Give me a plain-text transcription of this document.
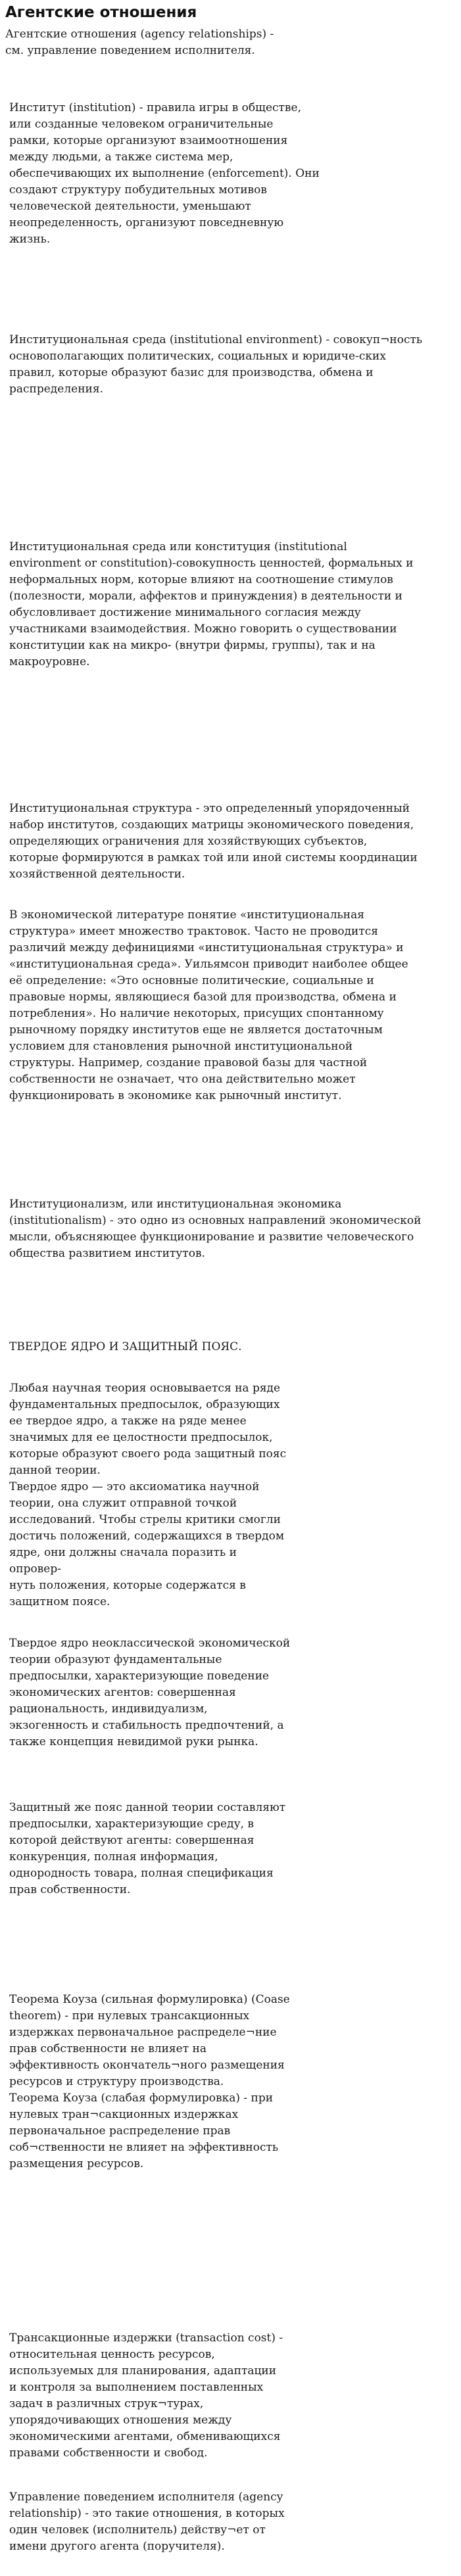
Агентские отношения

Агентские отношения (agency relationships) -
см. управление поведением исполнителя.

Институт (institution) - правила игры в обществе,
или созданные человеком ограничительные
рамки, которые организуют взаимоотношения
между людьми, а также система мер,
обеспечивающих их выполнение (enforcement). Они
создают структуру побудительных мотивов
человеческой деятельности, уменьшают
неопределенность, организуют повседневную
жизнь.

Институциональная среда (institutional environment) - совокуп¬ность
основополагающих политических, социальных и юридиче-ских
правил, которые образуют базис для производства, обмена и
распределения.

Институциональная среда или конституция (institutional
environment or constitution)-совокупность ценностей, формальных и
неформальных норм, которые влияют на соотношение стимулов
(полезности, морали, аффектов и принуждения) в деятельности и
обусловливает достижение минимального согласия между
участниками взаимодействия. Можно говорить о существовании
конституции как на микро- (внутри фирмы, группы), так и на
макроуровне.

Институциональная структура - это определенный упорядоченный
набор институтов, создающих матрицы экономического поведения,
определяющих ограничения для хозяйствующих субъектов,
которые формируются в рамках той или иной системы координации
хозяйственной деятельности.

В экономической литературе понятие «институциональная
структура» имеет множество трактовок. Часто не проводится
различий между дефинициями «институциональная структура» и
«институциональная среда». Уильямсон приводит наиболее общее
её определение: «Это основные политические, социальные и
правовые нормы, являющиеся базой для производства, обмена и
потребления». Но наличие некоторых, присущих спонтанному
рыночному порядку институтов еще не является достаточным
условием для становления рыночной институциональной
структуры. Например, создание правовой базы для частной
собственности не означает, что она действительно может
функционировать в экономике как рыночный институт.

Институционализм, или институциональная экономика
(institutionalism) - это одно из основных направлений экономической
мысли, объясняющее функционирование и развитие человеческого
общества развитием институтов.

ТВЕРДОЕ ЯДРО И ЗАЩИТНЫЙ ПОЯС.

Любая научная теория основывается на ряде
фундаментальных предпосылок, образующих
ее твердое ядро, а также на ряде менее
значимых для ее целостности предпосылок,
которые образуют своего рода защитный пояс
данной теории.
Твердое ядро — это аксиоматика научной
теории, она служит отправной точкой
исследований. Чтобы стрелы критики смогли
достичь положений, содержащихся в твердом
ядре, они должны сначала поразить и
опровер-
нуть положения, которые содержатся в
защитном поясе.

Твердое ядро неоклассической экономической
теории образуют фундаментальные
предпосылки, характеризующие поведение
экономических агентов: совершенная
рациональность, индивидуализм,
экзогенность и стабильность предпочтений, а
также концепция невидимой руки рынка.

Защитный же пояс данной теории составляют
предпосылки, характеризующие среду, в
которой действуют агенты: совершенная
конкуренция, полная информация,
однородность товара, полная спецификация
прав собственности.

Теорема Коуза (сильная формулировка) (Coase
theorem) - при нулевых трансакционных
издержках первоначальное распределе¬ние
прав собственности не влияет на
эффективность окончатель¬ного размещения
ресурсов и структуру производства.
Теорема Коуза (слабая формулировка) - при
нулевых тран¬сакционных издержках
первоначальное распределение прав
соб¬ственности не влияет на эффективность
размещения ресурсов.

Трансакционные издержки (transaction cost) -
относительная ценность ресурсов,
используемых для планирования, адаптации
и контроля за выполнением поставленных
задач в различных струк¬турах,
упорядочивающих отношения между
экономическими агентами, обменивающихся
правами собственности и свобод.

Управление поведением исполнителя (agency
relationship) - это такие отношения, в которых
один человек (исполнитель) действу¬ет от
имени другого агента (поручителя).
